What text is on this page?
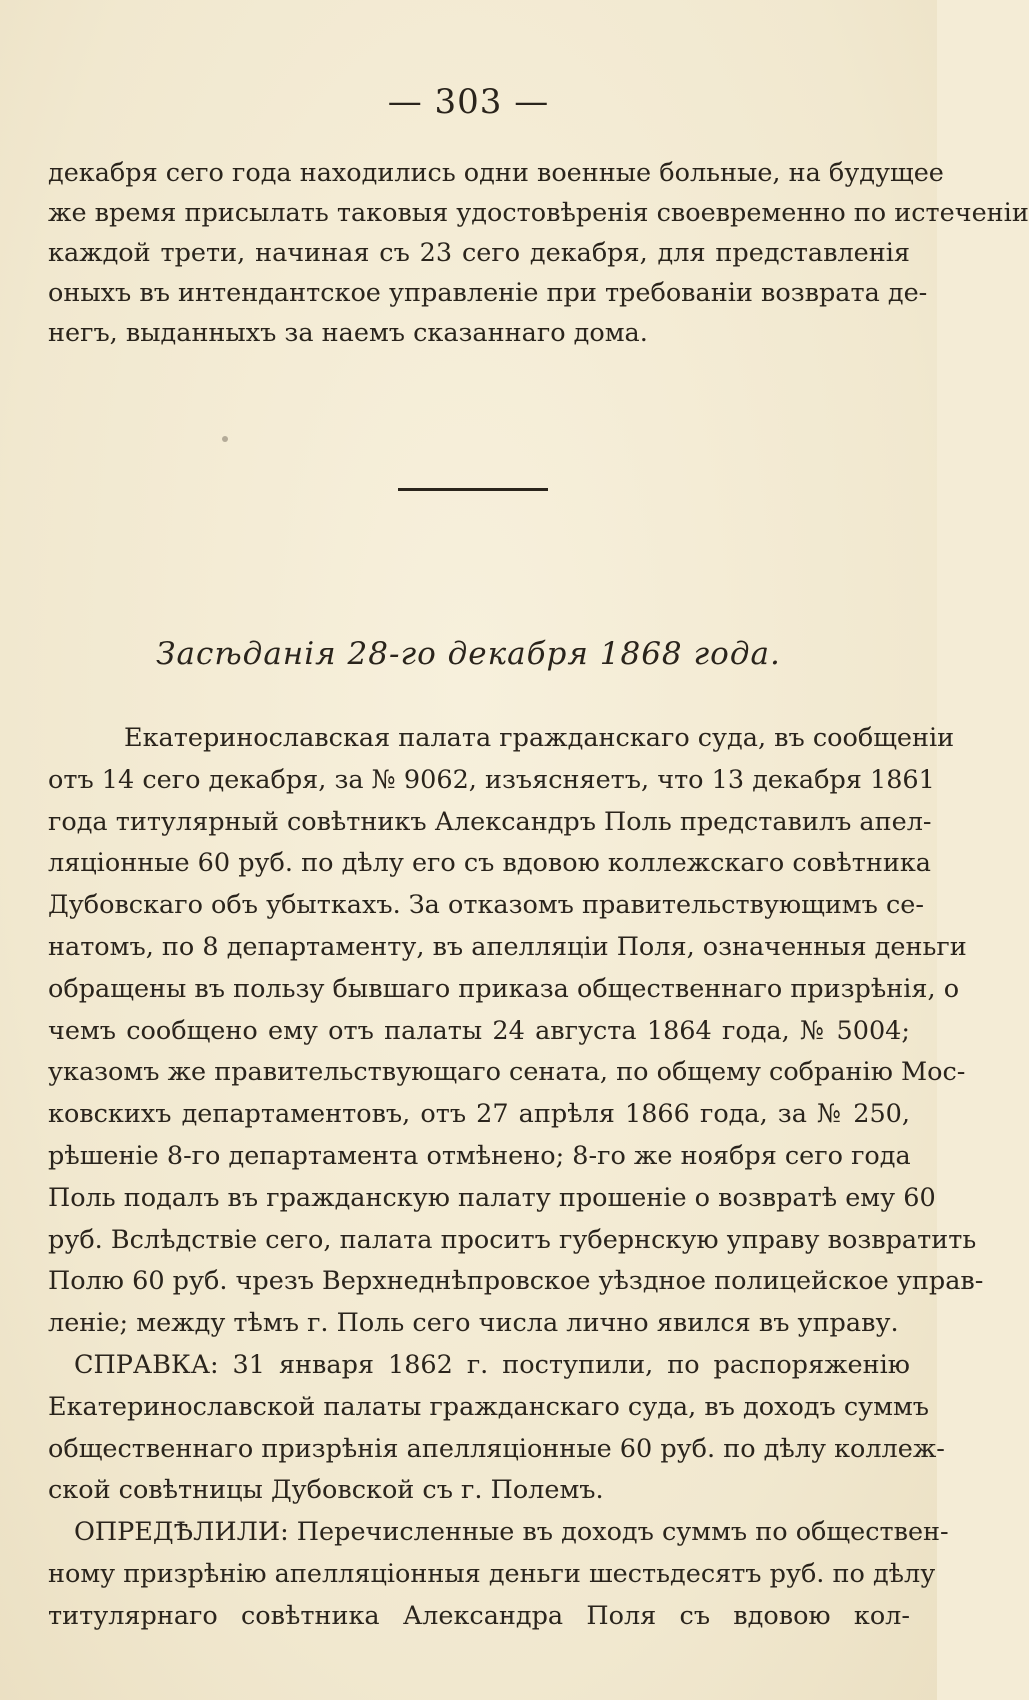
— 303 —
декабря сего года находились одни военные больные, на будущее
же время присылать таковыя удостовѣренія своевременно по истеченіи
каждой трети, начиная съ 23 сего декабря, для представленія
оныхъ въ интендантское управленіе при требованіи возврата де-
негъ, выданныхъ за наемъ сказаннаго дома.
Засѣданія 28-го декабря 1868 года.
Екатеринославская палата гражданскаго суда, въ сообщеніи
отъ 14 сего декабря, за № 9062, изъясняетъ, что 13 декабря 1861
года титулярный совѣтникъ Александръ Поль представилъ апел-
ляціонные 60 руб. по дѣлу его съ вдовою коллежскаго совѣтника
Дубовскаго объ убыткахъ. За отказомъ правительствующимъ се-
натомъ, по 8 департаменту, въ апелляціи Поля, означенныя деньги
обращены въ пользу бывшаго приказа общественнаго призрѣнія, о
чемъ сообщено ему отъ палаты 24 августа 1864 года, № 5004;
указомъ же правительствующаго сената, по общему собранію Мос-
ковскихъ департаментовъ, отъ 27 апрѣля 1866 года, за № 250,
рѣшеніе 8-го департамента отмѣнено; 8-го же ноября сего года
Поль подалъ въ гражданскую палату прошеніе о возвратѣ ему 60
руб. Вслѣдствіе сего, палата проситъ губернскую управу возвратить
Полю 60 руб. чрезъ Верхнеднѣпровское уѣздное полицейское управ-
леніе; между тѣмъ г. Поль сего числа лично явился въ управу.
СПРАВКА: 31 января 1862 г. поступили, по распоряженію
Екатеринославской палаты гражданскаго суда, въ доходъ суммъ
общественнаго призрѣнія апелляціонные 60 руб. по дѣлу коллеж-
ской совѣтницы Дубовской съ г. Полемъ.
ОПРЕДѢЛИЛИ: Перечисленные въ доходъ суммъ по обществен-
ному призрѣнію апелляціонныя деньги шестьдесятъ руб. по дѣлу
титулярнаго совѣтника Александра Поля съ вдовою кол-
